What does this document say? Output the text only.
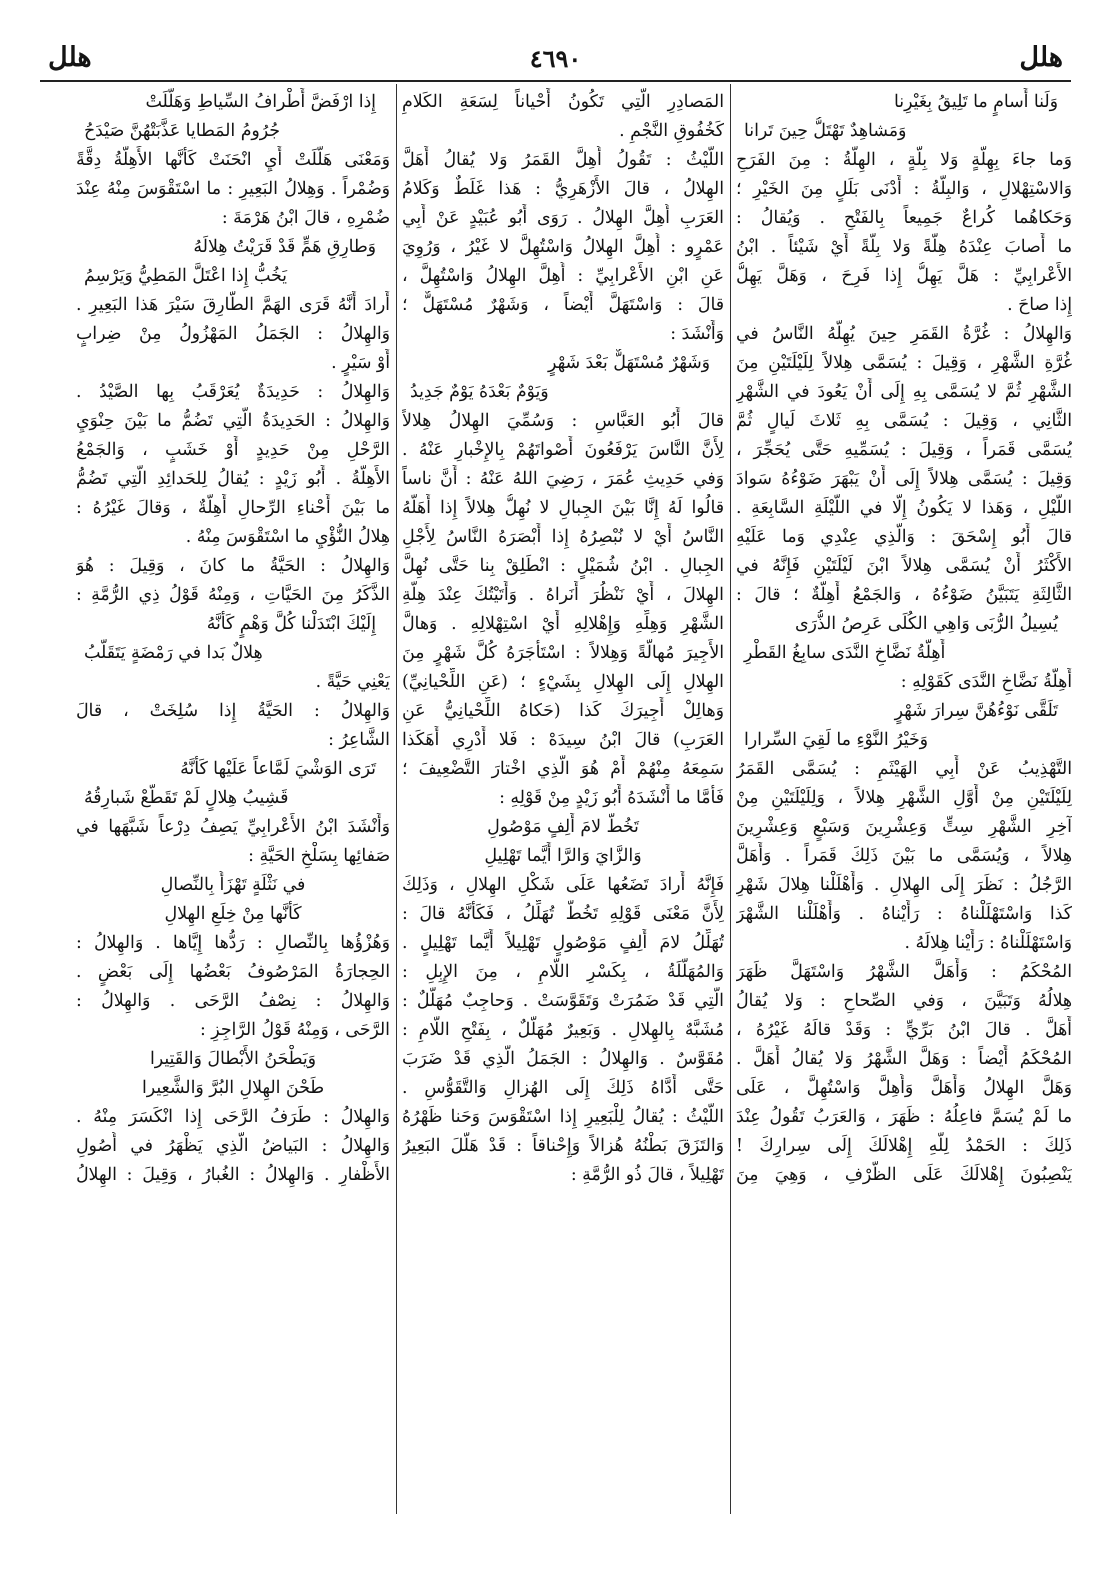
هلل
٤٦٩٠
هلل
وَلَنا أَسامٍ ما تَلِيقُ بِغَيْرِنا
وَمَشاهِدٌ تَهْتَلُّ حِينَ تَرانا
وَما جاءَ بِهِلَّةٍ وَلا بِلَّةٍ ، الهِلَّةُ : مِنَ الفَرَحِ
وَالاسْتِهْلالِ ، وَالبِلَّةُ : أَدْنَى بَلَلٍ مِنَ الخَيْرِ ؛
وَحَكاهُما كُراعٌ جَمِيعاً بِالفَتْحِ . وَيُقالُ :
ما أَصابَ عِنْدَهُ هِلَّةً وَلا بِلَّةً أَيْ شَيْئاً . ابْنُ
الأَعْرابِيِّ : هَلَّ يَهِلُّ إِذا فَرِحَ ، وَهَلَّ يَهِلُّ
إِذا صاحَ .
وَالهِلالُ : غُرَّةُ القَمَرِ حِينَ يُهِلُّهُ النَّاسُ في
غُرَّةِ الشَّهْرِ ، وَقِيلَ : يُسَمَّى هِلالاً لِلَيْلَتَيْنِ مِنَ
الشَّهْرِ ثُمَّ لا يُسَمَّى بِهِ إِلَى أَنْ يَعُودَ في الشَّهْرِ
الثَّانِي ، وَقِيلَ : يُسَمَّى بِهِ ثَلاثَ لَيالٍ ثُمَّ
يُسَمَّى قَمَراً ، وَقِيلَ : يُسَمِّيهِ حَتَّى يُحَجِّرَ ،
وَقِيلَ : يُسَمَّى هِلالاً إِلَى أَنْ يَبْهَرَ ضَوْءُهُ سَوادَ
اللَّيْلِ ، وَهَذا لا يَكُونُ إِلَّا في اللَّيْلَةِ السَّابِعَةِ .
قالَ أَبُو إِسْحَقَ : وَالَّذِي عِنْدِي وَما عَلَيْهِ
الأَكْثَرُ أَنْ يُسَمَّى هِلالاً ابْنَ لَيْلَتَيْنِ فَإِنَّهُ في
الثَّالِثَةِ يَتَبَيَّنُ ضَوْءُهُ ، وَالجَمْعُ أَهِلَّةٌ ؛ قالَ :
يُسِيلُ الرُّبَى وَاهِي الكُلَى عَرِصُ الذُّرَى
أَهِلَّةُ نَضَّاخِ النَّدَى سابِغُ القَطْرِ
أَهِلَّةُ نَضَّاخِ النَّدَى كَقَوْلِهِ :
تَلَقَّى نَوْءُهُنَّ سِرارَ شَهْرٍ
وَخَيْرُ النَّوْءِ ما لَقِيَ السِّرارا
التَّهْذِيبُ عَنْ أَبِي الهَيْثَمِ : يُسَمَّى القَمَرُ
لِلَيْلَتَيْنِ مِنْ أَوَّلِ الشَّهْرِ هِلالاً ، وَلِلَيْلَتَيْنِ مِنْ
آخِرِ الشَّهْرِ سِتٍّ وَعِشْرِينَ وَسَبْعٍ وَعِشْرِينَ
هِلالاً ، وَيُسَمَّى ما بَيْنَ ذَلِكَ قَمَراً . وَأَهَلَّ
الرَّجُلُ : نَظَرَ إِلَى الهِلالِ . وَأَهْلَلْنا هِلالَ شَهْرِ
كَذا وَاسْتَهْلَلْناهُ : رَأَيْناهُ . وَأَهْلَلْنا الشَّهْرَ
وَاسْتَهْلَلْناهُ : رَأَيْنا هِلالَهُ .
المُحْكَمُ : وَأَهَلَّ الشَّهْرُ وَاسْتَهَلَّ ظَهَرَ
هِلالُهُ وَتَبَيَّنَ ، وَفي الصِّحاحِ : وَلا يُقالُ
أَهَلَّ . قالَ ابْنُ بَرِّيٍّ : وَقَدْ قالَهُ غَيْرُهُ ،
المُحْكَمُ أَيْضاً : وَهَلَّ الشَّهْرُ وَلا يُقالُ أَهَلَّ .
وَهَلَّ الهِلالُ وَأَهَلَّ وَأُهِلَّ وَاسْتُهِلَّ ، عَلَى
ما لَمْ يُسَمَّ فاعِلُهُ : ظَهَرَ ، وَالعَرَبُ تَقُولُ عِنْدَ
ذَلِكَ : الحَمْدُ لِلَّهِ إِهْلالَكَ إِلَى سِرارِكَ !
يَنْصِبُونَ إِهْلالَكَ عَلَى الظَّرْفِ ، وَهِيَ مِنَ
المَصادِرِ الَّتِي تَكُونُ أَحْياناً لِسَعَةِ الكَلامِ
كَخُفُوقِ النَّجْمِ .
اللَّيْثُ : تَقُولُ أُهِلَّ القَمَرُ وَلا يُقالُ أَهَلَّ
الهِلالُ ، قالَ الأَزْهَرِيُّ : هَذا غَلَطٌ وَكَلامُ
العَرَبِ أُهِلَّ الهِلالُ . رَوَى أَبُو عُبَيْدٍ عَنْ أَبِي
عَمْرٍو : أُهِلَّ الهِلالُ وَاسْتُهِلَّ لا غَيْرُ ، وَرُوِيَ
عَنِ ابْنِ الأَعْرابِيِّ : أُهِلَّ الهِلالُ وَاسْتُهِلَّ ،
قالَ : وَاسْتَهَلَّ أَيْضاً ، وَشَهْرٌ مُسْتَهَلٌّ ؛
وَأَنْشَدَ :
وَشَهْرٌ مُسْتَهَلٌّ بَعْدَ شَهْرٍ
وَيَوْمٌ بَعْدَهُ يَوْمٌ جَدِيدُ
قالَ أَبُو العَبَّاسِ : وَسُمِّيَ الهِلالُ هِلالاً
لِأَنَّ النَّاسَ يَرْفَعُونَ أَصْواتَهُمْ بِالإِخْبارِ عَنْهُ .
وَفي حَدِيثِ عُمَرَ ، رَضِيَ اللهُ عَنْهُ : أَنَّ ناساً
قالُوا لَهُ إِنَّا بَيْنَ الجِبالِ لا نُهِلُّ هِلالاً إِذا أَهَلَّهُ
النَّاسُ أَيْ لا نُبْصِرُهُ إِذا أَبْصَرَهُ النَّاسُ لِأَجْلِ
الجِبالِ . ابْنُ شُمَيْلٍ : انْطَلِقْ بِنا حَتَّى نُهِلَّ
الهِلالَ ، أَيْ نَنْظُرَ أَنَراهُ . وَأَتَيْتُكَ عِنْدَ هِلَّةِ
الشَّهْرِ وَهِلِّهِ وَإِهْلالِهِ أَيْ اسْتِهْلالِهِ . وَهالَّ
الأَجِيرَ مُهالَّةً وَهِلالاً : اسْتَأْجَرَهُ كُلَّ شَهْرٍ مِنَ
الهِلالِ إِلَى الهِلالِ بِشَيْءٍ ؛ (عَنِ اللِّحْيانِيِّ)
وَهالِلْ أَجِيرَكَ كَذا (حَكاهُ اللِّحْيانِيُّ عَنِ
العَرَبِ) قالَ ابْنُ سِيدَهْ : فَلا أَدْرِي أَهَكَذا
سَمِعَهُ مِنْهُمْ أَمْ هُوَ الَّذِي اخْتارَ التَّضْعِيفَ ؛
فَأَمَّا ما أَنْشَدَهُ أَبُو زَيْدٍ مِنْ قَوْلِهِ :
تَخُطُّ لامَ أَلِفٍ مَوْصُولِ
وَالزَّايَ وَالرَّا أَيَّما تَهْلِيلِ
فَإِنَّهُ أَرادَ تَضَعُها عَلَى شَكْلِ الهِلالِ ، وَذَلِكَ
لِأَنَّ مَعْنَى قَوْلِهِ تَخُطُّ تُهَلِّلُ ، فَكَأَنَّهُ قالَ :
تُهَلِّلُ لامَ أَلِفٍ مَوْصُولٍ تَهْلِيلاً أَيَّما تَهْلِيلٍ .
وَالمُهَلَّلَةُ ، بِكَسْرِ اللَّامِ ، مِنَ الإِبِلِ :
الَّتِي قَدْ ضَمُرَتْ وَتَقَوَّسَتْ . وَحاجِبٌ مُهَلَّلٌ :
مُشَبَّهٌ بِالهِلالِ . وَبَعِيرٌ مُهَلَّلٌ ، بِفَتْحِ اللَّامِ :
مُقَوَّسٌ . وَالهِلالُ : الجَمَلُ الَّذِي قَدْ ضَرَبَ
حَتَّى أَدَّاهُ ذَلِكَ إِلَى الهُزالِ وَالتَّقَوُّسِ .
اللَّيْثُ : يُقالُ لِلْبَعِيرِ إِذا اسْتَقْوَسَ وَحَنا ظَهْرُهُ
وَالتَزَقَ بَطْنُهُ هُزالاً وَإِحْناقاً : قَدْ هَلَّلَ البَعِيرُ
تَهْلِيلاً ، قالَ ذُو الرُّمَّةِ :
إِذا ارْفَضَّ أَطْرافُ السِّياطِ وَهَلَّلَتْ
جُرُومُ المَطايا عَذَّبَتْهُنَّ صَيْدَحُ
وَمَعْنَى هَلَّلَتْ أَيِ انْحَنَتْ كَأَنَّها الأَهِلَّةُ دِقَّةً
وَضُمْراً . وَهِلالُ البَعِيرِ : ما اسْتَقْوَسَ مِنْهُ عِنْدَ
ضُمْرِهِ ، قالَ ابْنُ هَرْمَةَ :
وَطارِقِ هَمٍّ قَدْ قَرَيْتُ هِلالَهُ
يَخُبُّ إِذا اعْتَلَّ المَطِيُّ وَيَرْسِمُ
أَرادَ أَنَّهُ قَرَى الهَمَّ الطَّارِقَ سَيْرَ هَذا البَعِيرِ .
وَالهِلالُ : الجَمَلُ المَهْزُولُ مِنْ ضِرابٍ
أَوْ سَيْرٍ .
وَالهِلالُ : حَدِيدَةٌ يُعَرْقَبُ بِها الصَّيْدُ .
وَالهِلالُ : الحَدِيدَةُ الَّتِي تَضُمُّ ما بَيْنَ حِنْوَيِ
الرَّحْلِ مِنْ حَدِيدٍ أَوْ خَشَبٍ ، وَالجَمْعُ
الأَهِلَّةُ . أَبُو زَيْدٍ : يُقالُ لِلحَدائِدِ الَّتِي تَضُمُّ
ما بَيْنَ أَحْناءِ الرِّحالِ أَهِلَّةٌ ، وَقالَ غَيْرُهُ :
هِلالُ النُّؤْيِ ما اسْتَقْوَسَ مِنْهُ .
وَالهِلالُ : الحَيَّةُ ما كانَ ، وَقِيلَ : هُوَ
الذَّكَرُ مِنَ الحَيَّاتِ ، وَمِنْهُ قَوْلُ ذِي الرُّمَّةِ :
إِلَيْكَ ابْتَدَلْنا كُلَّ وَهْمٍ كَأَنَّهُ
هِلالٌ بَدا في رَمْضَةٍ يَتَقَلَّبُ
يَعْنِي حَيَّةً .
وَالهِلالُ : الحَيَّةُ إِذا سُلِخَتْ ، قالَ
الشَّاعِرُ :
تَرَى الوَشْيَ لَمَّاعاً عَلَيْها كَأَنَّهُ
قَشِيبُ هِلالٍ لَمْ تَقَطَّعْ شَبارِقُهُ
وَأَنْشَدَ ابْنُ الأَعْرابِيِّ يَصِفُ دِرْعاً شَبَّهَها في
صَفائِها بِسَلْخِ الحَيَّةِ :
في نَثْلَةٍ تَهْزَأُ بِالنِّصالِ
كَأَنَّها مِنْ خِلَعِ الهِلالِ
وَهُزْؤُها بِالنِّصالِ : رَدُّها إِيَّاها . وَالهِلالُ :
الحِجارَةُ المَرْصُوفُ بَعْضُها إِلَى بَعْضٍ .
وَالهِلالُ : نِصْفُ الرَّحَى . وَالهِلالُ :
الرَّحَى ، وَمِنْهُ قَوْلُ الرَّاجِزِ :
وَيَطْحَنُ الأَبْطالَ وَالقَتِيرا
طَحْنَ الهِلالِ البُرَّ وَالشَّعِيرا
وَالهِلالُ : طَرَفُ الرَّحَى إِذا انْكَسَرَ مِنْهُ .
وَالهِلالُ : البَياضُ الَّذِي يَظْهَرُ في أُصُولِ
الأَظْفارِ . وَالهِلالُ : الغُبارُ ، وَقِيلَ : الهِلالُ
